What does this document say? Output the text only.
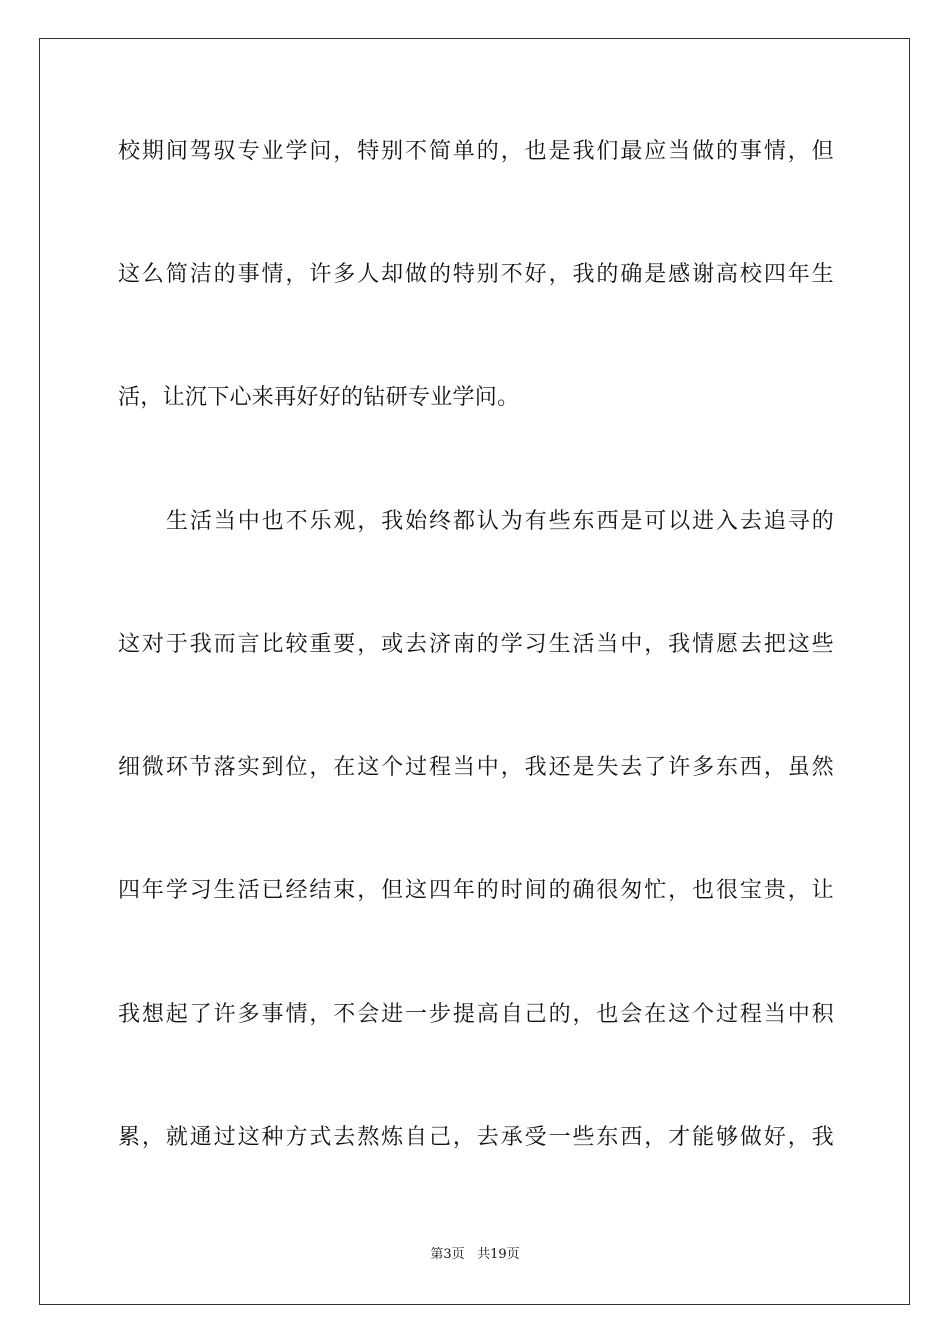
校期间驾驭专业学问，特别不简单的，也是我们最应当做的事情，但
这么简洁的事情，许多人却做的特别不好，我的确是感谢高校四年生
活，让沉下心来再好好的钻研专业学问。
生活当中也不乐观，我始终都认为有些东西是可以进入去追寻的
这对于我而言比较重要，或去济南的学习生活当中，我情愿去把这些
细微环节落实到位，在这个过程当中，我还是失去了许多东西，虽然
四年学习生活已经结束，但这四年的时间的确很匆忙，也很宝贵，让
我想起了许多事情，不会进一步提高自己的，也会在这个过程当中积
累，就通过这种方式去熬炼自己，去承受一些东西，才能够做好，我
第3页 共19页
